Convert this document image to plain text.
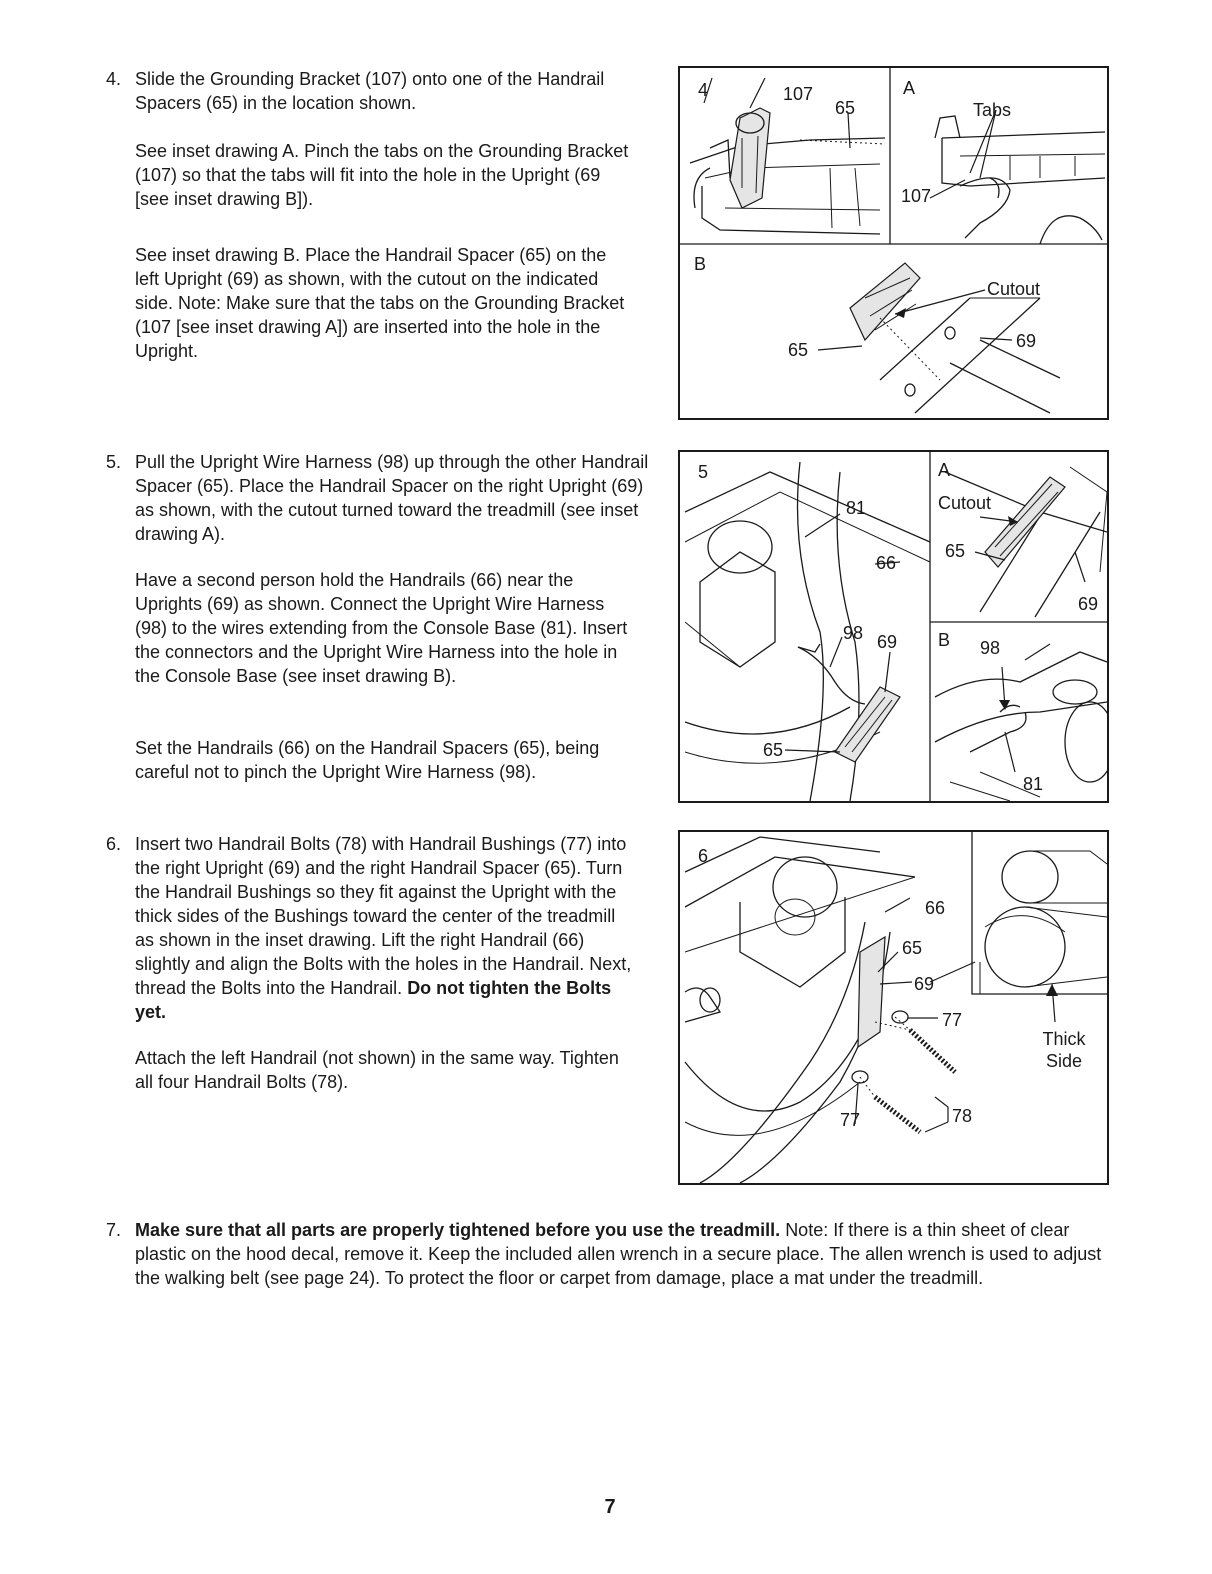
4. Slide the Grounding Bracket (107) onto one of the Handrail Spacers (65) in the location shown.

See inset drawing A. Pinch the tabs on the Grounding Bracket (107) so that the tabs will fit into the hole in the Upright (69 [see inset drawing B]).

See inset drawing B. Place the Handrail Spacer (65) on the left Upright (69) as shown, with the cutout on the indicated side. Note: Make sure that the tabs on the Grounding Bracket (107 [see inset drawing A]) are inserted into the hole in the Upright.

4	107
65
A
Tabs
107
B
Cutout
65	69
5. Pull the Upright Wire Harness (98) up through the other Handrail Spacer (65). Place the Handrail Spacer on the right Upright (69) as shown, with the cutout turned toward the treadmill (see inset drawing A).

Have a second person hold the Handrails (66) near the Uprights (69) as shown. Connect the Upright Wire Harness (98) to the wires extending from the Console Base (81). Insert the connectors and the Upright Wire Harness into the hole in the Console Base (see inset drawing B).

Set the Handrails (66) on the Handrail Spacers (65), being careful not to pinch the Upright Wire Harness (98).

5
81
66
98 69
65
A
Cutout
65
69
B 98
81
6. Insert two Handrail Bolts (78) with Handrail Bushings (77) into the right Upright (69) and the right Handrail Spacer (65). Turn the Handrail Bushings so they fit against the Upright with the thick sides of the Bushings toward the center of the treadmill as shown in the inset drawing. Lift the right Handrail (66) slightly and align the Bolts with the holes in the Handrail. Next, thread the Bolts into the Handrail. Do not tighten the Bolts yet.

Attach the left Handrail (not shown) in the same way. Tighten all four Handrail Bolts (78).

6
66
65
69
77
77	78
Thick Side
7. Make sure that all parts are properly tightened before you use the treadmill. Note: If there is a thin sheet of clear plastic on the hood decal, remove it. Keep the included allen wrench in a secure place. The allen wrench is used to adjust the walking belt (see page 24). To protect the floor or carpet from damage, place a mat under the treadmill.

7
